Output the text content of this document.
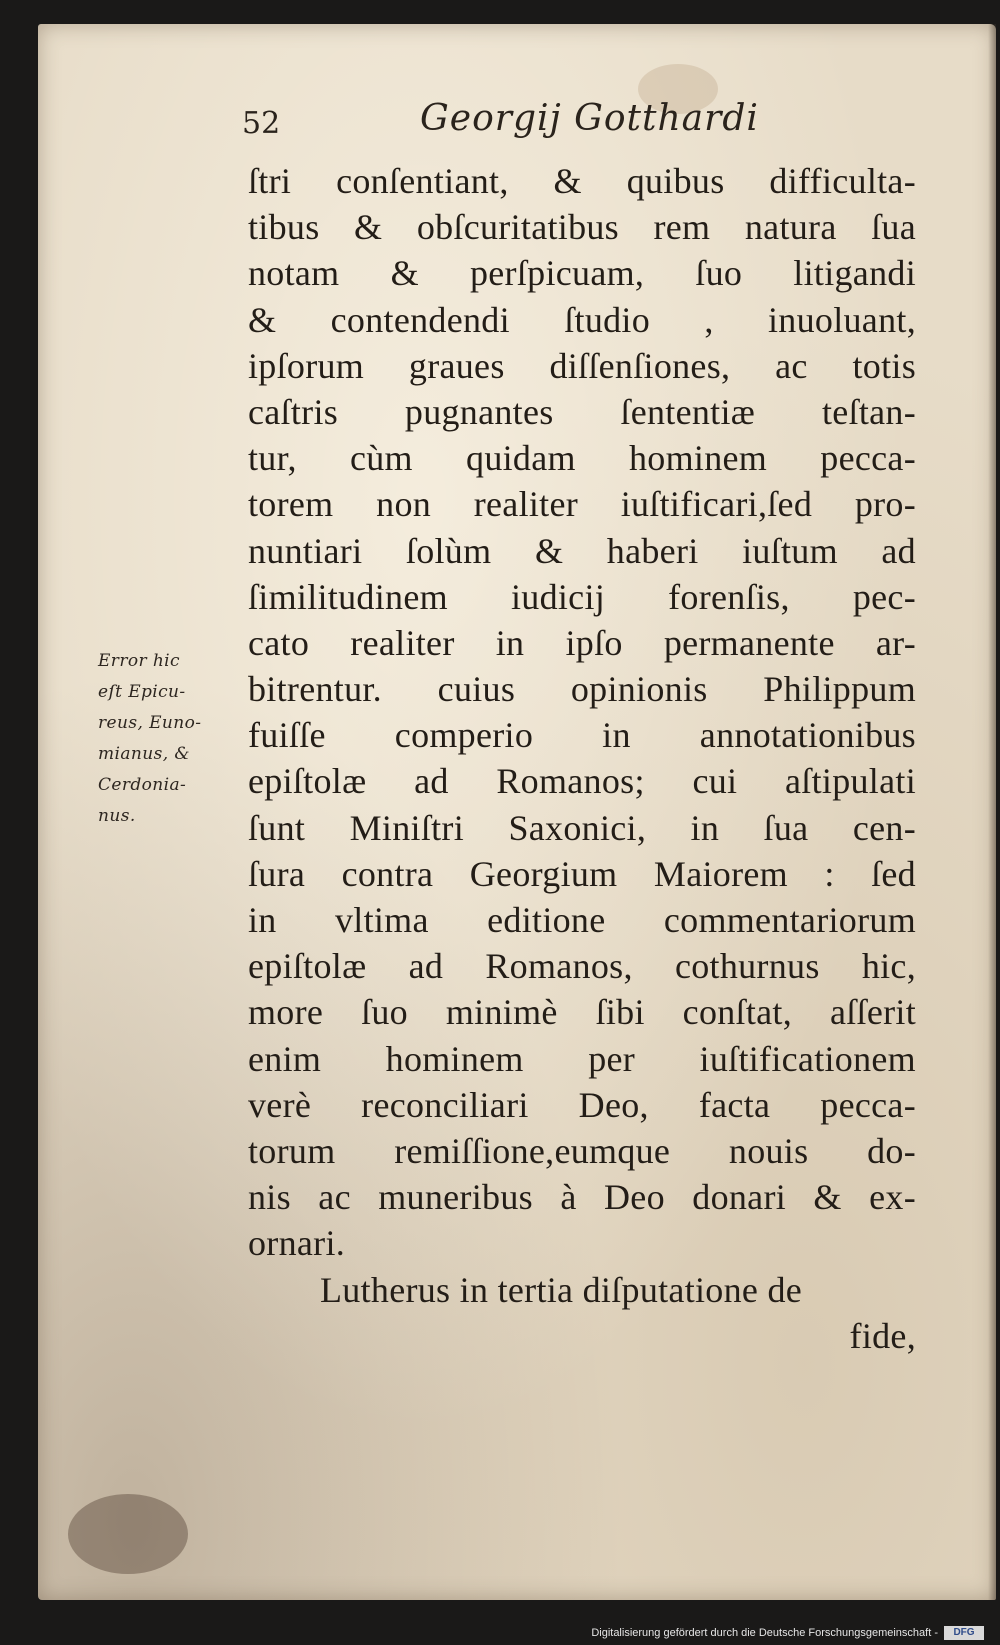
52	Georgij Gotthardi
ſtri conſentiant, & quibus difficulta-
tibus & obſcuritatibus rem natura ſua
notam & perſpicuam, ſuo litigandi
& contendendi ſtudio , inuoluant,
ipſorum graues diſſenſiones, ac totis
caſtris pugnantes ſententiæ teſtan-
tur, cùm quidam hominem pecca-
torem non realiter iuſtificari,ſed pro-
nuntiari ſolùm & haberi iuſtum ad
ſimilitudinem iudicij forenſis, pec-
cato realiter in ipſo permanente ar-
bitrentur. cuius opinionis Philippum
fuiſſe comperio in annotationibus
epiſtolæ ad Romanos; cui aſtipulati
ſunt Miniſtri Saxonici, in ſua cen-
ſura contra Georgium Maiorem : ſed
in vltima editione commentariorum
epiſtolæ ad Romanos, cothurnus hic,
more ſuo minimè ſibi conſtat, aſſerit
enim hominem per iuſtificationem
verè reconciliari Deo, facta pecca-
torum remiſſione,eumque nouis do-
nis ac muneribus à Deo donari & ex-
ornari.
Lutherus in tertia diſputatione de
fide,
Error hic
eſt Epicu-
reus, Euno-
mianus, &
Cerdonia-
nus.
Digitalisierung gefördert durch die Deutsche Forschungsgemeinschaft -	DFG
